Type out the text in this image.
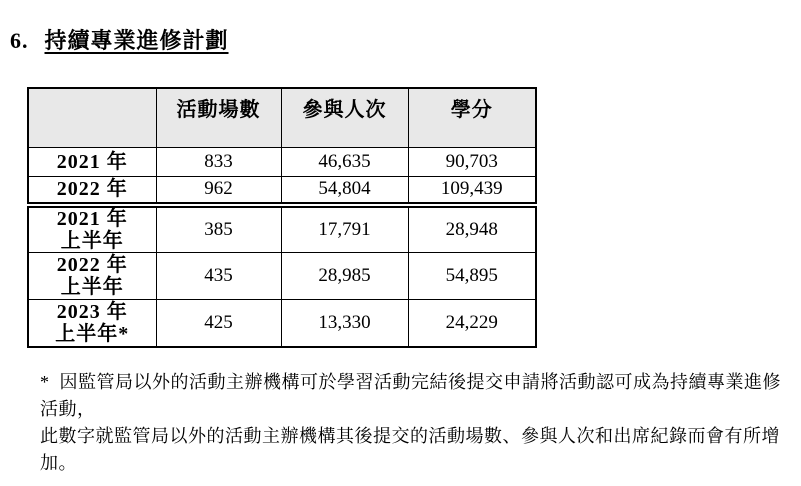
6. 持續專業進修計劃
	活動場數	參與人次	學分
2021 年	833	46,635	90,703
2022 年	962	54,804	109,439

2021 年
上半年	385	17,791	28,948

2022 年
上半年	435	28,985	54,895

2023 年
上半年*	425	13,330	24,229

* 因監管局以外的活動主辦機構可於學習活動完結後提交申請將活動認可成為持續專業進修活動，
此數字就監管局以外的活動主辦機構其後提交的活動場數、參與人次和出席紀錄而會有所增加。
